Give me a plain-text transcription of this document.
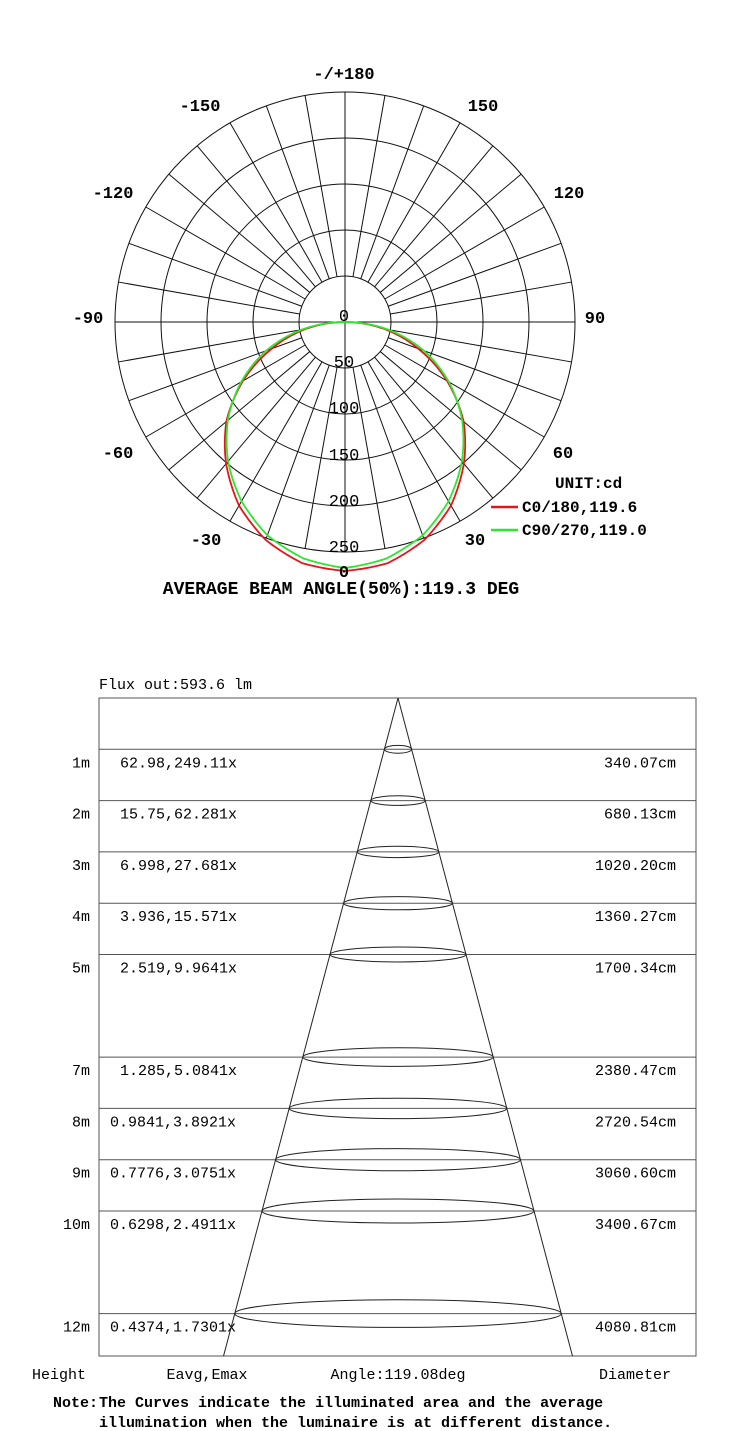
-/+180
-150
-120
150
120
-90	90
-60
-30
60
30
0
0
50
100
150
200
250
UNIT:cd
C0/180,119.6
C90/270,119.0
AVERAGE BEAM ANGLE(50%):119.3 DEG
Flux out:593.6 lm
1m 62.98,249.11x	340.07cm
2m 15.75,62.281x	680.13cm
3m 6.998,27.681x	1020.20cm
4m 3.936,15.571x	1360.27cm
5m 2.519,9.9641x	1700.34cm
7m 1.285,5.0841x	2380.47cm
8m 0.9841,3.8921x	2720.54cm
9m 0.7776,3.0751x	3060.60cm
10m 0.6298,2.4911x	3400.67cm
12m 0.4374,1.7301x	4080.81cm
Height	Eavg,Emax	Angle:119.08deg	Diameter
Note: The Curves indicate the illuminated area and the average
illumination when the luminaire is at different distance.
